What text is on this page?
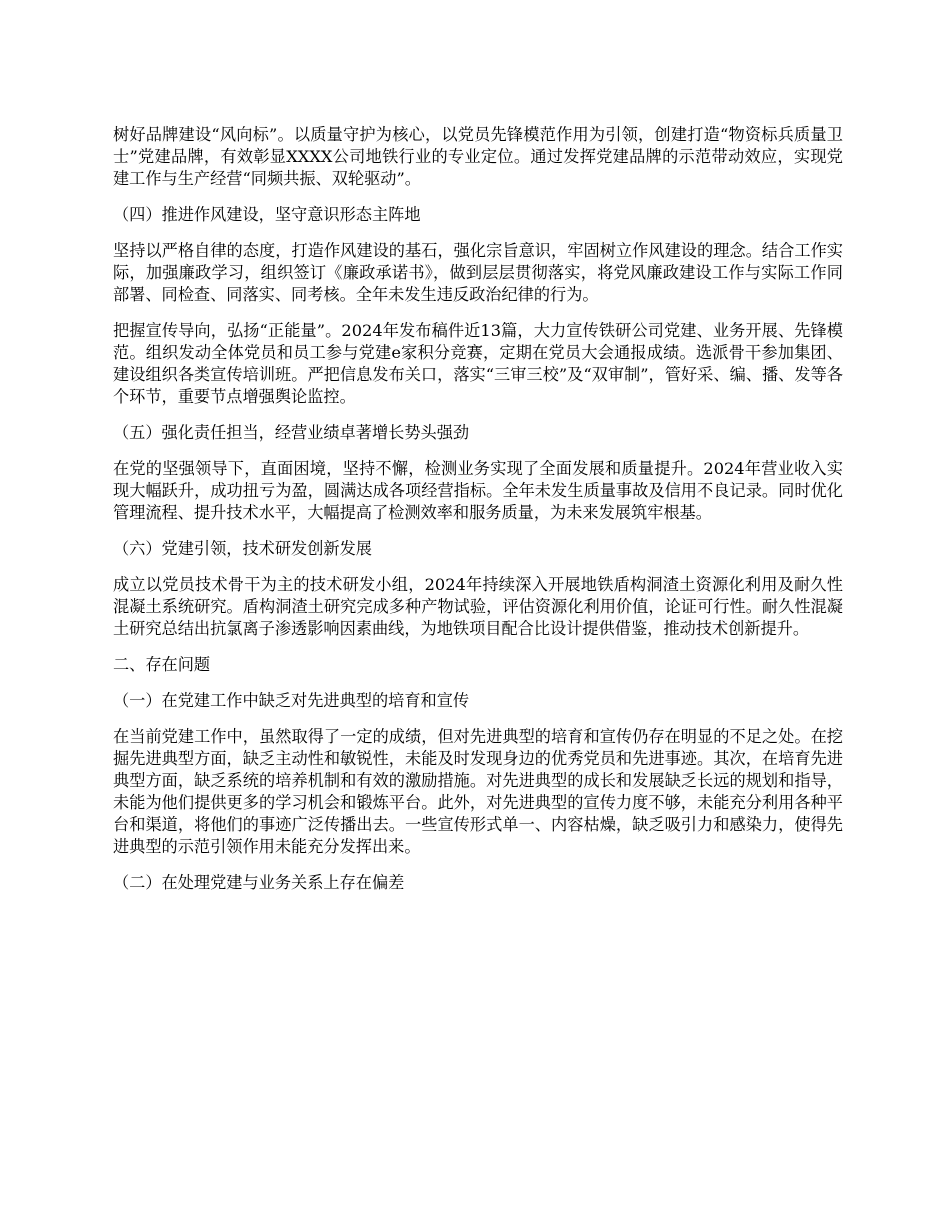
树好品牌建设“风向标”。以质量守护为核心，以党员先锋模范作用为引领，创建打造“物资标兵质量卫士”党建品牌，有效彰显XXXX公司地铁行业的专业定位。通过发挥党建品牌的示范带动效应，实现党建工作与生产经营“同频共振、双轮驱动”。

（四）推进作风建设，坚守意识形态主阵地

坚持以严格自律的态度，打造作风建设的基石，强化宗旨意识，牢固树立作风建设的理念。结合工作实际，加强廉政学习，组织签订《廉政承诺书》，做到层层贯彻落实，将党风廉政建设工作与实际工作同部署、同检查、同落实、同考核。全年未发生违反政治纪律的行为。

把握宣传导向，弘扬“正能量”。2024年发布稿件近13篇，大力宣传铁研公司党建、业务开展、先锋模范。组织发动全体党员和员工参与党建e家积分竞赛，定期在党员大会通报成绩。选派骨干参加集团、建设组织各类宣传培训班。严把信息发布关口，落实“三审三校”及“双审制”，管好采、编、播、发等各个环节，重要节点增强舆论监控。

（五）强化责任担当，经营业绩卓著增长势头强劲

在党的坚强领导下，直面困境，坚持不懈，检测业务实现了全面发展和质量提升。2024年营业收入实现大幅跃升，成功扭亏为盈，圆满达成各项经营指标。全年未发生质量事故及信用不良记录。同时优化管理流程、提升技术水平，大幅提高了检测效率和服务质量，为未来发展筑牢根基。

（六）党建引领，技术研发创新发展

成立以党员技术骨干为主的技术研发小组，2024年持续深入开展地铁盾构洞渣土资源化利用及耐久性混凝土系统研究。盾构洞渣土研究完成多种产物试验，评估资源化利用价值，论证可行性。耐久性混凝土研究总结出抗氯离子渗透影响因素曲线，为地铁项目配合比设计提供借鉴，推动技术创新提升。

二、存在问题

（一）在党建工作中缺乏对先进典型的培育和宣传

在当前党建工作中，虽然取得了一定的成绩，但对先进典型的培育和宣传仍存在明显的不足之处。在挖掘先进典型方面，缺乏主动性和敏锐性，未能及时发现身边的优秀党员和先进事迹。其次，在培育先进典型方面，缺乏系统的培养机制和有效的激励措施。对先进典型的成长和发展缺乏长远的规划和指导，未能为他们提供更多的学习机会和锻炼平台。此外，对先进典型的宣传力度不够，未能充分利用各种平台和渠道，将他们的事迹广泛传播出去。一些宣传形式单一、内容枯燥，缺乏吸引力和感染力，使得先进典型的示范引领作用未能充分发挥出来。

（二）在处理党建与业务关系上存在偏差
